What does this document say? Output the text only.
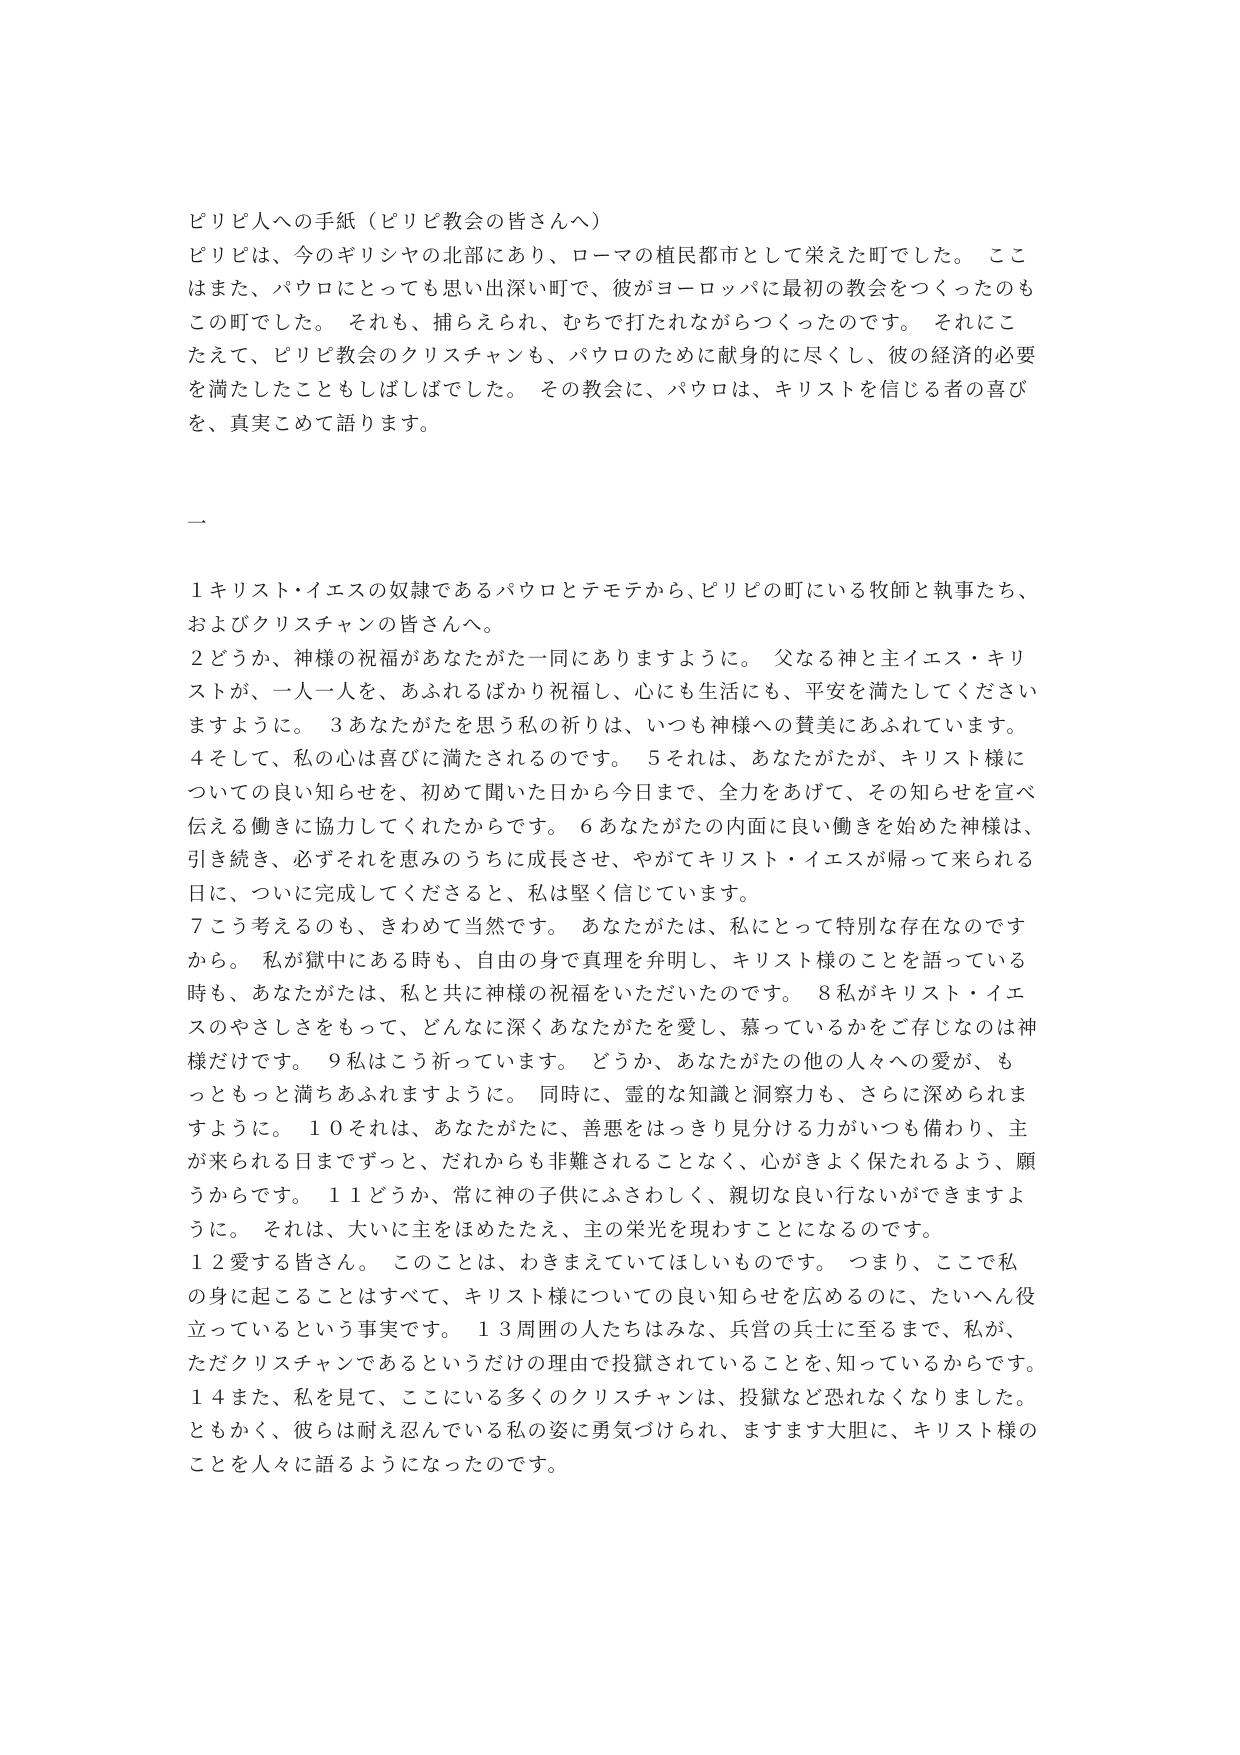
ピリピ人への手紙（ピリピ教会の皆さんへ）

ピリピは、今のギリシヤの北部にあり、ローマの植民都市として栄えた町でした。　ここ

はまた、パウロにとっても思い出深い町で、彼がヨーロッパに最初の教会をつくったのも

この町でした。　それも、捕らえられ、むちで打たれながらつくったのです。　それにこ

たえて、ピリピ教会のクリスチャンも、パウロのために献身的に尽くし、彼の経済的必要

を満たしたこともしばしばでした。　その教会に、パウロは、キリストを信じる者の喜び

を、真実こめて語ります。

一

１キリスト･イエスの奴隷であるパウロとテモテから､ピリピの町にいる牧師と執事たち、

およびクリスチャンの皆さんへ。

２どうか、神様の祝福があなたがた一同にありますように。　父なる神と主イエス・キリ

ストが、一人一人を、あふれるばかり祝福し、心にも生活にも、平安を満たしてください

ますように。　３あなたがたを思う私の祈りは、いつも神様への賛美にあふれています。

４そして、私の心は喜びに満たされるのです。　５それは、あなたがたが、キリスト様に

ついての良い知らせを、初めて聞いた日から今日まで、全力をあげて、その知らせを宣べ

伝える働きに協力してくれたからです。 ６あなたがたの内面に良い働きを始めた神様は、

引き続き、必ずそれを恵みのうちに成長させ、やがてキリスト・イエスが帰って来られる

日に、ついに完成してくださると、私は堅く信じています。

７こう考えるのも、きわめて当然です。　あなたがたは、私にとって特別な存在なのです

から。　私が獄中にある時も、自由の身で真理を弁明し、キリスト様のことを語っている

時も、あなたがたは、私と共に神様の祝福をいただいたのです。　８私がキリスト・イエ

スのやさしさをもって、どんなに深くあなたがたを愛し、慕っているかをご存じなのは神

様だけです。　９私はこう祈っています。　どうか、あなたがたの他の人々への愛が、も

っともっと満ちあふれますように。　同時に、霊的な知識と洞察力も、さらに深められま

すように。　１０それは、あなたがたに、善悪をはっきり見分ける力がいつも備わり、主

が来られる日までずっと、だれからも非難されることなく、心がきよく保たれるよう、願

うからです。　１１どうか、常に神の子供にふさわしく、親切な良い行ないができますよ

うに。　それは、大いに主をほめたたえ、主の栄光を現わすことになるのです。

１２愛する皆さん。　このことは、わきまえていてほしいものです。　つまり、ここで私

の身に起こることはすべて、キリスト様についての良い知らせを広めるのに、たいへん役

立っているという事実です。　１３周囲の人たちはみな、兵営の兵士に至るまで、私が、

ただクリスチャンであるというだけの理由で投獄されていることを､知っているからです。

１４また、私を見て、ここにいる多くのクリスチャンは、投獄など恐れなくなりました。

ともかく、彼らは耐え忍んでいる私の姿に勇気づけられ、ますます大胆に、キリスト様の

ことを人々に語るようになったのです。
